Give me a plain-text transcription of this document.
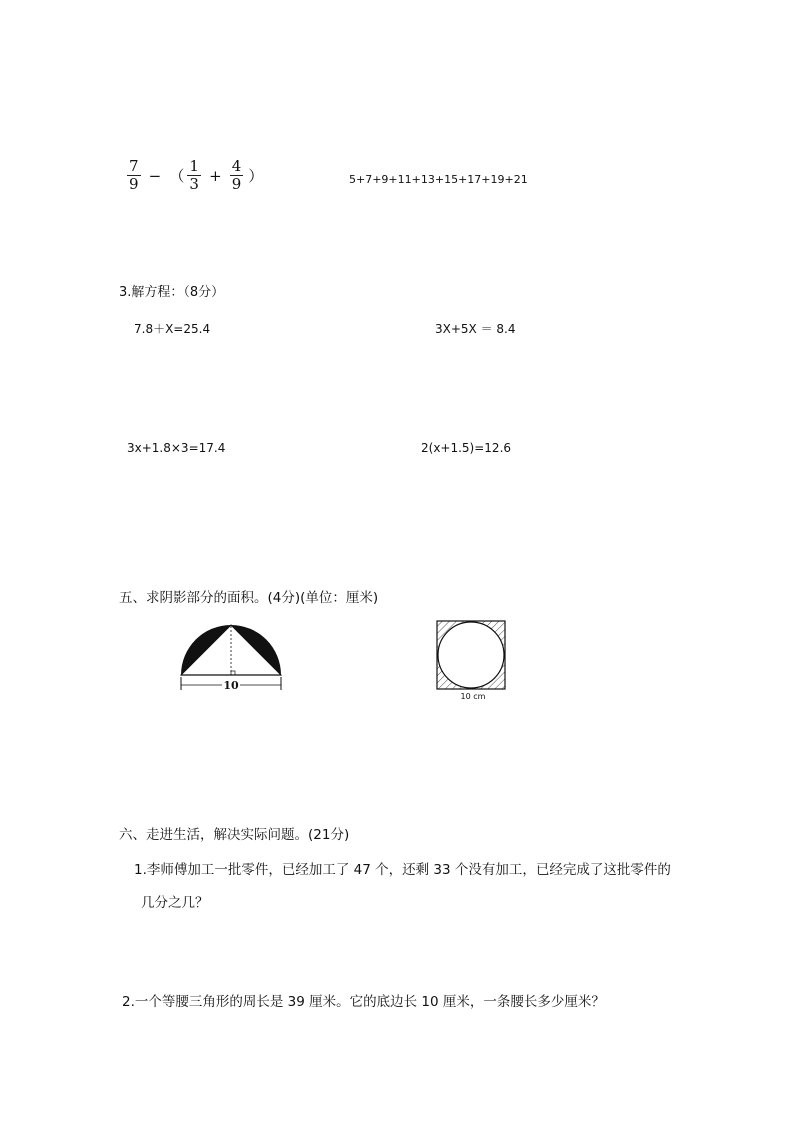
$\frac{7}{9}$ − （ $\frac{1}{3} + \frac{4}{9}$ ）	5+7+9+11+13+15+17+19+21
3.解方程：（8分）
7.8＋X=25.4	3X+5X ＝ 8.4
3x+1.8×3=17.4	2(x+1.5)=12.6
五、求阴影部分的面积。(4分)(单位：厘米)
10
10 cm
六、走进生活，解决实际问题。(21分)
1.李师傅加工一批零件，已经加工了 47 个，还剩 33 个没有加工，已经完成了这批零件的
几分之几？
2.一个等腰三角形的周长是 39 厘米。它的底边长 10 厘米，一条腰长多少厘米？
